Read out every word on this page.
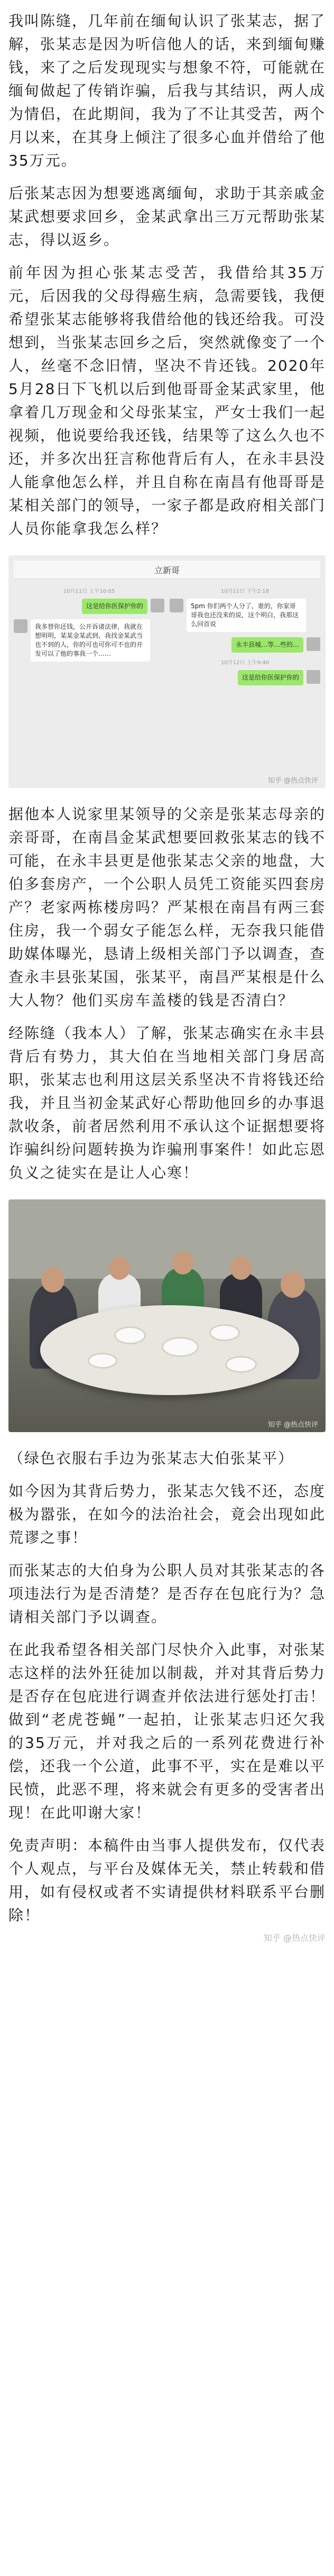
我叫陈缝，几年前在缅甸认识了张某志，据了解，张某志是因为听信他人的话，来到缅甸赚钱，来了之后发现现实与想象不符，可能就在缅甸做起了传销诈骗，后我与其结识，两人成为情侣，在此期间，我为了不让其受苦，两个月以来，在其身上倾注了很多心血并借给了他35万元。

后张某志因为想要逃离缅甸，求助于其亲戚金某武想要求回乡，金某武拿出三万元帮助张某志，得以返乡。

前年因为担心张某志受苦，我借给其35万元，后因我的父母得癌生病，急需要钱，我便希望张某志能够将我借给他的钱还给我。可没想到，当张某志回乡之后，突然就像变了一个人，丝毫不念旧情，坚决不肯还钱。2020年5月28日下飞机以后到他哥哥金某武家里，他拿着几万现金和父母张某宝，严女士我们一起视频，他说要给我还钱，结果等了这么久也不还，并多次出狂言称他背后有人，在永丰县没人能拿他怎么样，并且自称在南昌有他哥哥是某相关部门的领导，一家子都是政府相关部门人员你能拿我怎么样？

立新哥
10月11日 上午10:05
这是给你医保护你的
我多替你还钱，公开诉诸法律，我就在想明明，某某金某武到，我找金某武当也不到的人，你的可也可你可不也的开发可以了他的事我一个……
10月11日 下午2:18
5pm 你们两个人分了，谁的，你家哥哥我也还没来的说，这个明白，我那这么回首说
永丰县城…等…些的…
10月12日 上午9:40
这是给你医保护你的
知乎 @热点快评

据他本人说家里某领导的父亲是张某志母亲的亲哥哥，在南昌金某武想要回救张某志的钱不可能，在永丰县更是他张某志父亲的地盘，大伯多套房产，一个公职人员凭工资能买四套房产？老家两栋楼房吗？严某根在南昌有两三套住房，我一个弱女子能怎么样，无奈我只能借助媒体曝光，恳请上级相关部门予以调查，查查永丰县张某国，张某平，南昌严某根是什么大人物？他们买房车盖楼的钱是否清白？

经陈缝（我本人）了解，张某志确实在永丰县背后有势力，其大伯在当地相关部门身居高职，张某志也利用这层关系坚决不肯将钱还给我，并且当初金某武好心帮助他回乡的办事退款收条，前者居然利用不承认这个证据想要将诈骗纠纷问题转换为诈骗刑事案件！如此忘恩负义之徒实在是让人心寒！

知乎 @热点快评

（绿色衣服右手边为张某志大伯张某平）

如今因为其背后势力，张某志欠钱不还，态度极为嚣张，在如今的法治社会，竟会出现如此荒谬之事！

而张某志的大伯身为公职人员对其张某志的各项违法行为是否清楚？是否存在包庇行为？急请相关部门予以调查。

在此我希望各相关部门尽快介入此事，对张某志这样的法外狂徒加以制裁，并对其背后势力是否存在包庇进行调查并依法进行惩处打击！做到“老虎苍蝇”一起拍，让张某志归还欠我的35万元，并对我之后的一系列花费进行补偿，还我一个公道，此事不平，实在是难以平民愤，此恶不理，将来就会有更多的受害者出现！在此叩谢大家！

免责声明：本稿件由当事人提供发布，仅代表个人观点，与平台及媒体无关，禁止转载和借用，如有侵权或者不实请提供材料联系平台删除！

知乎 @热点快评
